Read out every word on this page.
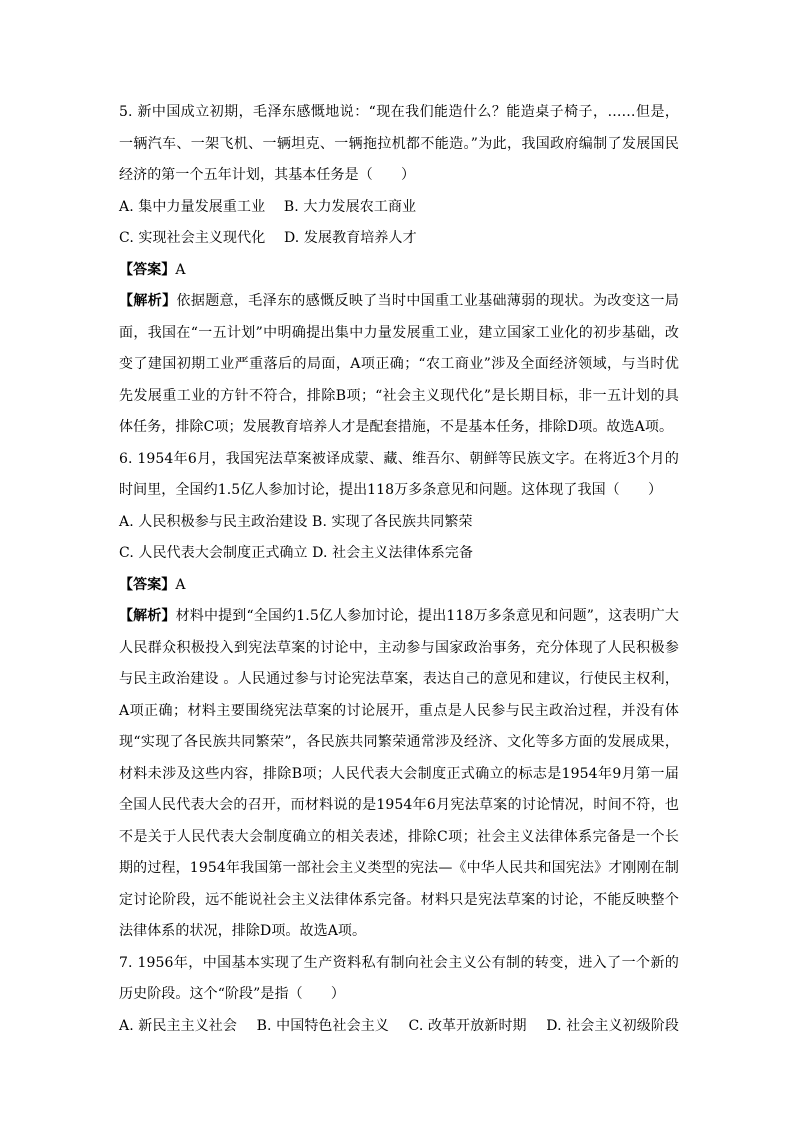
5. 新中国成立初期，毛泽东感慨地说：“现在我们能造什么？能造桌子椅子，……但是，一辆汽车、一架飞机、一辆坦克、一辆拖拉机都不能造。”为此，我国政府编制了发展国民经济的第一个五年计划，其基本任务是（　　）

A. 集中力量发展重工业　 B. 大力发展农工商业

C. 实现社会主义现代化　 D. 发展教育培养人才

【答案】A

【解析】依据题意，毛泽东的感慨反映了当时中国重工业基础薄弱的现状。为改变这一局面，我国在“一五计划”中明确提出集中力量发展重工业，建立国家工业化的初步基础，改变了建国初期工业严重落后的局面，A项正确；“农工商业”涉及全面经济领域，与当时优先发展重工业的方针不符合，排除B项；“社会主义现代化”是长期目标，非一五计划的具体任务，排除C项；发展教育培养人才是配套措施，不是基本任务，排除D项。故选A项。

6. 1954年6月，我国宪法草案被译成蒙、藏、维吾尔、朝鲜等民族文字。在将近3个月的时间里，全国约1.5亿人参加讨论，提出118万多条意见和问题。这体现了我国（　　）

A. 人民积极参与民主政治建设 B. 实现了各民族共同繁荣

C. 人民代表大会制度正式确立 D. 社会主义法律体系完备

【答案】A

【解析】材料中提到“全国约1.5亿人参加讨论，提出118万多条意见和问题”，这表明广大人民群众积极投入到宪法草案的讨论中，主动参与国家政治事务，充分体现了人民积极参与民主政治建设 。人民通过参与讨论宪法草案，表达自己的意见和建议，行使民主权利，A项正确；材料主要围绕宪法草案的讨论展开，重点是人民参与民主政治过程，并没有体现“实现了各民族共同繁荣”，各民族共同繁荣通常涉及经济、文化等多方面的发展成果，材料未涉及这些内容，排除B项；人民代表大会制度正式确立的标志是1954年9月第一届全国人民代表大会的召开，而材料说的是1954年6月宪法草案的讨论情况，时间不符，也不是关于人民代表大会制度确立的相关表述，排除C项；社会主义法律体系完备是一个长期的过程，1954年我国第一部社会主义类型的宪法—《中华人民共和国宪法》才刚刚在制定讨论阶段，远不能说社会主义法律体系完备。材料只是宪法草案的讨论，不能反映整个法律体系的状况，排除D项。故选A项。

7. 1956年，中国基本实现了生产资料私有制向社会主义公有制的转变，进入了一个新的历史阶段。这个“阶段”是指（　　）

A. 新民主主义社会 B. 中国特色社会主义 C. 改革开放新时期 D. 社会主义初级阶段
